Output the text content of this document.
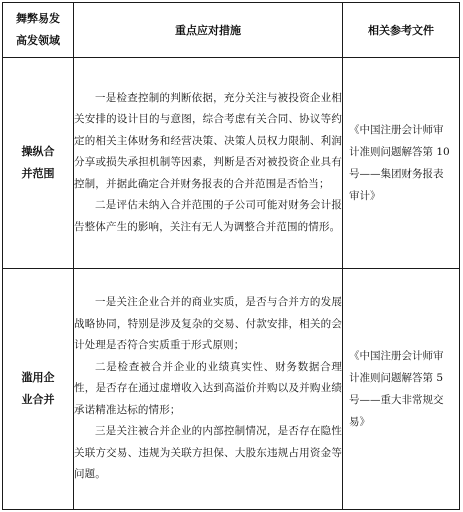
舞弊易发高发领域	重点应对措施	相关参考文件

操纵合并范围	一是检查控制的判断依据，充分关注与被投资企业相关安排的设计目的与意图，综合考虑有关合同、协议等约定的相关主体财务和经营决策、决策人员权力限制、利润分享或损失承担机制等因素，判断是否对被投资企业具有控制，并据此确定合并财务报表的合并范围是否恰当；

二是评估未纳入合并范围的子公司可能对财务会计报告整体产生的影响，关注有无人为调整合并范围的情形。	《中国注册会计师审计准则问题解答第 10 号——集团财务报表审计》

滥用企业合并	一是关注企业合并的商业实质，是否与合并方的发展战略协同，特别是涉及复杂的交易、付款安排，相关的会计处理是否符合实质重于形式原则；

二是检查被合并企业的业绩真实性、财务数据合理性，是否存在通过虚增收入达到高溢价并购以及并购业绩承诺精准达标的情形；

三是关注被合并企业的内部控制情况，是否存在隐性关联方交易、违规为关联方担保、大股东违规占用资金等问题。	《中国注册会计师审计准则问题解答第 5 号——重大非常规交易》
